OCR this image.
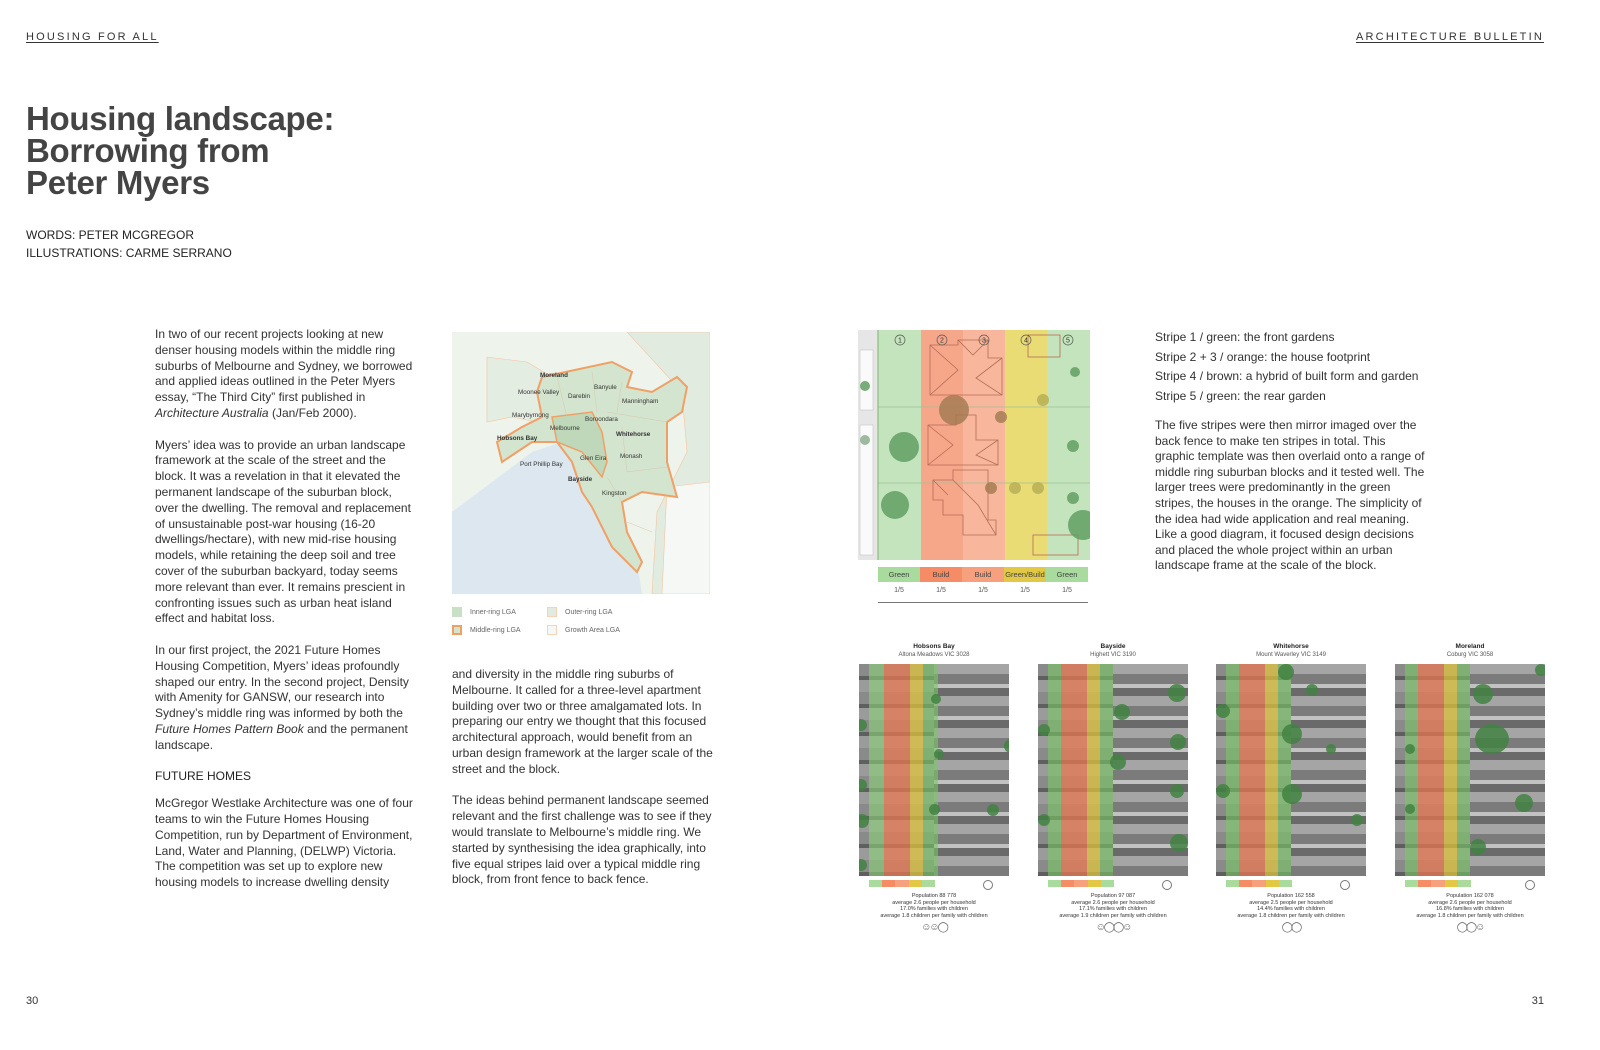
HOUSING FOR ALL	ARCHITECTURE BULLETIN
Housing landscape:
Borrowing from
Peter Myers
WORDS: PETER MCGREGOR
ILLUSTRATIONS: CARME SERRANO

In two of our recent projects looking at new denser housing models within the middle ring suburbs of Melbourne and Sydney, we borrowed and applied ideas outlined in the Peter Myers essay, “The Third City” first published in Architecture Australia (Jan/Feb 2000).

Myers’ idea was to provide an urban landscape framework at the scale of the street and the block. It was a revelation in that it elevated the permanent landscape of the suburban block, over the dwelling. The removal and replacement of unsustainable post-war housing (16-20 dwellings/hectare), with new mid-rise housing models, while retaining the deep soil and tree cover of the suburban backyard, today seems more relevant than ever. It remains prescient in confronting issues such as urban heat island effect and habitat loss.

In our first project, the 2021 Future Homes Housing Competition, Myers’ ideas profoundly shaped our entry. In the second project, Density with Amenity for GANSW, our research into Sydney’s middle ring was informed by both the Future Homes Pattern Book and the permanent landscape.

FUTURE HOMES

McGregor Westlake Architecture was one of four teams to win the Future Homes Housing Competition, run by Department of Environment, Land, Water and Planning, (DELWP) Victoria. The competition was set up to explore new housing models to increase dwelling density

Moreland
Moonee Valley
Darebin
Banyule
Manningham
Marybyrnong
Boroondara
Melbourne
Whitehorse
Hobsons Bay
Glen Eira Monash
Port Phillip Bay
Bayside
Kingston
Inner-ring LGA	Outer-ring LGA
Middle-ring LGA	Growth Area LGA

and diversity in the middle ring suburbs of Melbourne. It called for a three-level apartment building over two or three amalgamated lots. In preparing our entry we thought that this focused architectural approach, would benefit from an urban design framework at the larger scale of the street and the block.

The ideas behind permanent landscape seemed relevant and the first challenge was to see if they would translate to Melbourne’s middle ring. We started by synthesising the idea graphically, into five equal stripes laid over a typical middle ring block, from front fence to back fence.

1	2	3	4	5
Green	Build	Build	Green/Build	Green
1/5	1/5	1/5	1/5	1/5
Stripe 1 / green: the front gardens
Stripe 2 + 3 / orange: the house footprint
Stripe 4 / brown: a hybrid of built form and garden
Stripe 5 / green: the rear garden
The five stripes were then mirror imaged over the back fence to make ten stripes in total. This graphic template was then overlaid onto a range of middle ring suburban blocks and it tested well. The larger trees were predominantly in the green stripes, the houses in the orange. The simplicity of the idea had wide application and real meaning. Like a good diagram, it focused design decisions and placed the whole project within an urban landscape frame at the scale of the block.
Hobsons Bay
Altona Meadows VIC 3028
Population 88 778
average 2.6 people per household
17.0% families with children
average 1.8 children per family with children
☺☺◯
Bayside
Highett VIC 3190
Population 97 087
average 2.6 people per household
17.1% families with children
average 1.9 children per family with children
☺◯◯☺
Whitehorse
Mount Waverley VIC 3149
Population 162 558
average 2.5 people per household
14.4% families with children
average 1.8 children per family with children
◯◯
Moreland
Coburg VIC 3058
Population 162 078
average 2.6 people per household
16.8% families with children
average 1.8 children per family with children
◯◯☺
30	31
